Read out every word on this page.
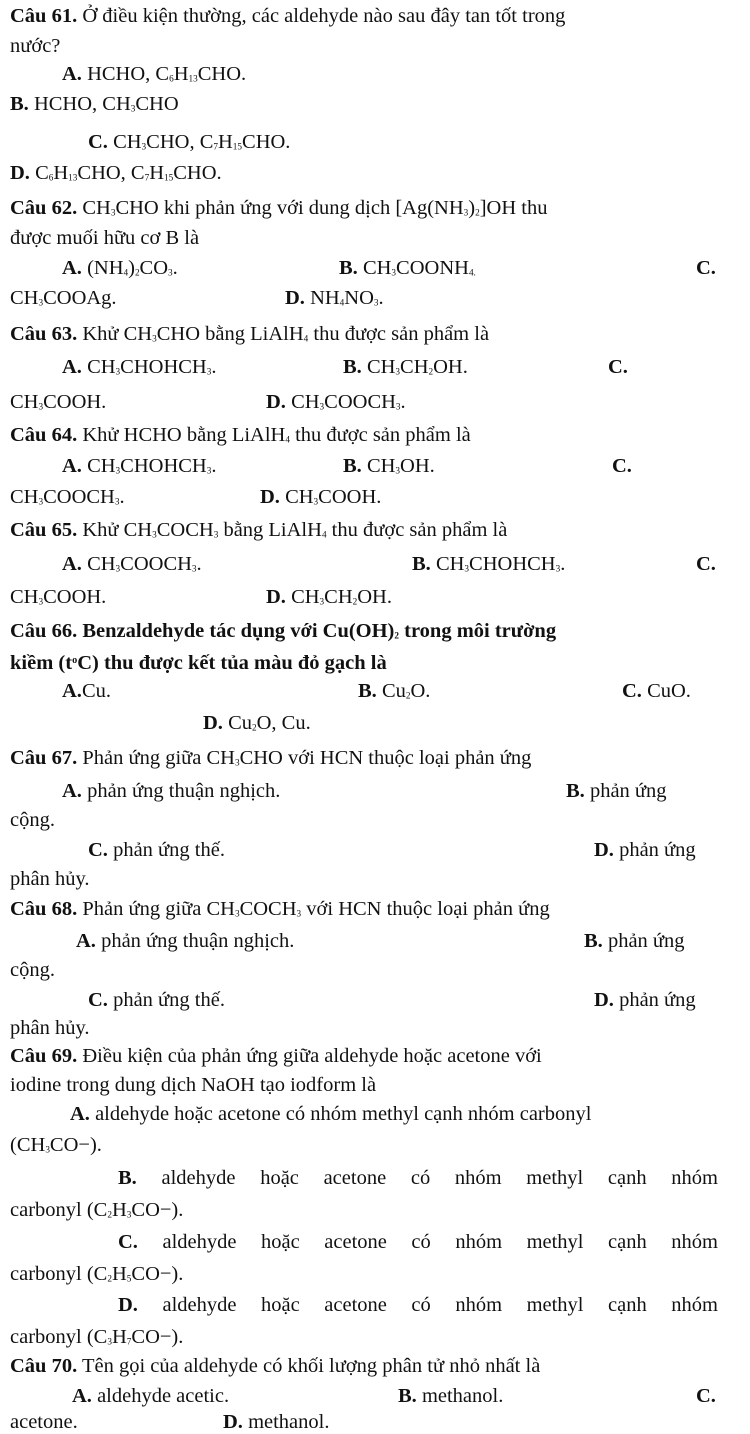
Câu 61. Ở điều kiện thường, các aldehyde nào sau đây tan tốt trong
nước?
A. HCHO, $C_6H_{13}CHO$.
B. HCHO, $CH_3CHO$
C. $CH_3CHO$, $C_7H_{15}CHO$.
D. $C_6H_{13}CHO$, $C_7H_{15}CHO$.
Câu 62. $CH_3CHO$ khi phản ứng với dung dịch $[Ag(NH_3)_2]OH$ thu
được muối hữu cơ B là
A. $(NH_4)_2CO_3$.	B. $CH_3COONH_{4.}$	C.
$CH_3COOAg$.	D. $NH_4NO_3$.
Câu 63. Khử $CH_3CHO$ bằng LiAlH$_4$ thu được sản phẩm là
A. $CH_3CHOHCH_3$.	B. $CH_3CH_2OH$.	C.
$CH_3COOH$.	D. $CH_3COOCH_3$.
Câu 64. Khử HCHO bằng LiAlH$_4$ thu được sản phẩm là
A. $CH_3CHOHCH_3$.	B. $CH_3OH$.	C.
$CH_3COOCH_3$.	D. $CH_3COOH$.
Câu 65. Khử $CH_3COCH_3$ bằng LiAlH$_4$ thu được sản phẩm là
A. $CH_3COOCH_3$.	B. $CH_3CHOHCH_3$.	C.
$CH_3COOH$.	D. $CH_3CH_2OH$.
Câu 66. Benzaldehyde tác dụng với $Cu(OH)_2$ trong môi trường
kiềm $(t^oC)$ thu được kết tủa màu đỏ gạch là
A.Cu.	B. $Cu_2O$.	C. CuO.
D. $Cu_2O$, Cu.
Câu 67. Phản ứng giữa $CH_3CHO$ với HCN thuộc loại phản ứng
A. phản ứng thuận nghịch.	B. phản ứng
cộng.
C. phản ứng thế.	D. phản ứng
phân hủy.
Câu 68. Phản ứng giữa $CH_3COCH_3$ với HCN thuộc loại phản ứng
A. phản ứng thuận nghịch.	B. phản ứng
cộng.
C. phản ứng thế.	D. phản ứng
phân hủy.
Câu 69. Điều kiện của phản ứng giữa aldehyde hoặc acetone với
iodine trong dung dịch NaOH tạo iodform là
A. aldehyde hoặc acetone có nhóm methyl cạnh nhóm carbonyl
$(CH_3CO-)$.
B. aldehyde hoặc acetone có nhóm methyl cạnh nhóm
carbonyl $(C_2H_3CO-)$.
C. aldehyde hoặc acetone có nhóm methyl cạnh nhóm
carbonyl $(C_2H_5CO-)$.
D. aldehyde hoặc acetone có nhóm methyl cạnh nhóm
carbonyl $(C_3H_7CO-)$.
Câu 70. Tên gọi của aldehyde có khối lượng phân tử nhỏ nhất là
A. aldehyde acetic.	B. methanol.	C.
acetone.	D. methanol.
